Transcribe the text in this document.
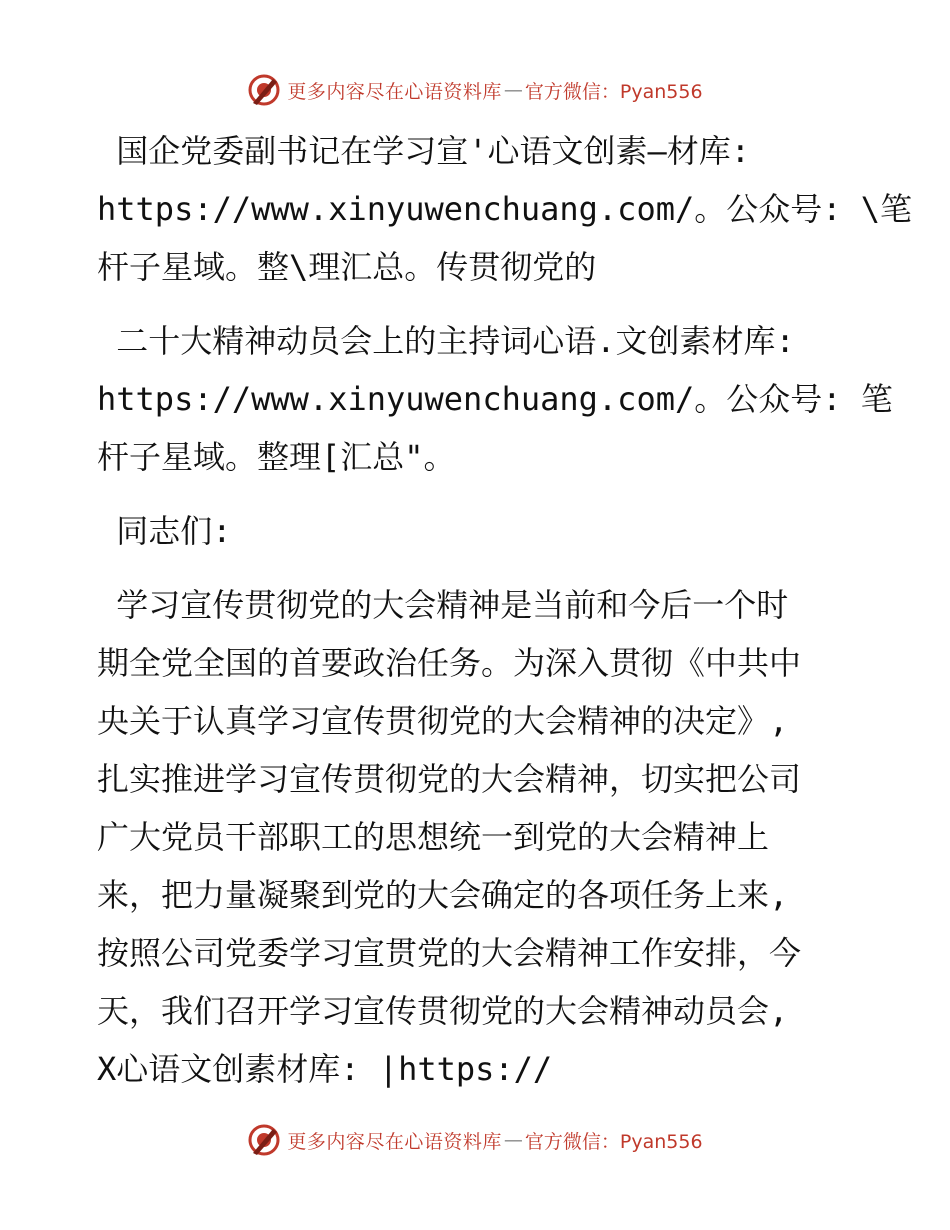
更多内容尽在心语资料库 — 官方微信：Pyan556
国企党委副书记在学习宣'心语文创素—材库:
https://www.xinyuwenchuang.com/。公众号: \笔
杆子星域。整\理汇总。传贯彻党的
二十大精神动员会上的主持词心语.文创素材库:
https://www.xinyuwenchuang.com/。公众号: 笔
杆子星域。整理[汇总"。
同志们:
学习宣传贯彻党的大会精神是当前和今后一个时
期全党全国的首要政治任务。为深入贯彻《中共中
央关于认真学习宣传贯彻党的大会精神的决定》,
扎实推进学习宣传贯彻党的大会精神，切实把公司
广大党员干部职工的思想统一到党的大会精神上
来，把力量凝聚到党的大会确定的各项任务上来,
按照公司党委学习宣贯党的大会精神工作安排，今
天，我们召开学习宣传贯彻党的大会精神动员会,
X心语文创素材库: |https://
更多内容尽在心语资料库 — 官方微信：Pyan556
